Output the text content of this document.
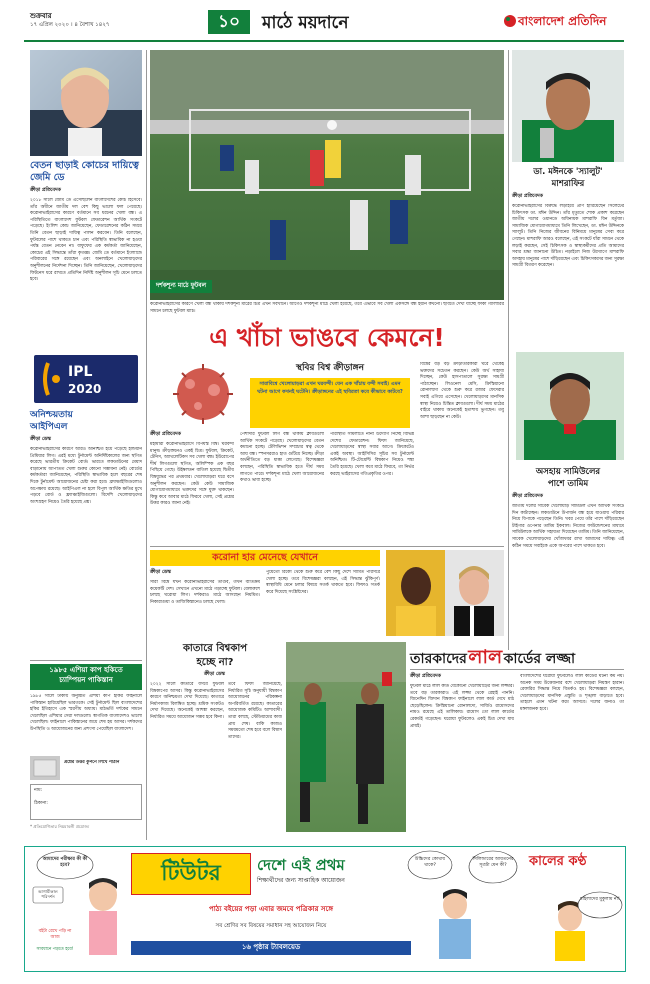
শুক্রবার
১৭ এপ্রিল ২০২০ । ৪ বৈশাখ ১৪২৭	১০ মাঠে ময়দানে	বাংলাদেশ প্রতিদিন
বেতন ছাড়াই কোচের দায়িত্বে জেমি ডে
ক্রীড়া প্রতিবেদক
২০১৮ সালে জেমি ডে এসেছিলেন বাংলাদেশের কোচ হিসেবে। তাঁর অধীনে জাতীয় দল বেশ কিছু ভালো ফল পেয়েছে। করোনাভাইরাসের কারণে বর্তমানে সব ধরনের খেলা বন্ধ। এ পরিস্থিতিতে বাংলাদেশ ফুটবল ফেডারেশন আর্থিক সংকটে পড়েছে। ইংলিশ কোচ জানিয়েছেন, ফেডারেশনের কঠিন সময়ে তিনি বেতন ছাড়াই দায়িত্ব পালন করবেন। তিনি বলেছেন, ফুটবলের পাশে থাকতে চান এবং পরিস্থিতি স্বাভাবিক না হওয়া পর্যন্ত বেতন নেবেন না। বাফুফের এক কর্মকর্তা জানিয়েছেন, কোচের এই সিদ্ধান্তে তাঁরা কৃতজ্ঞ। জেমি ডে বর্তমানে ইংল্যান্ডে পরিবারের সঙ্গে রয়েছেন এবং অনলাইনে খেলোয়াড়দের অনুশীলনের নির্দেশনা দিচ্ছেন। তিনি জানিয়েছেন, খেলোয়াড়দের ফিটনেস ধরে রাখতে প্রতিদিন নির্দিষ্ট অনুশীলন সূচি মেনে চলতে হবে।
দর্শকশূন্য মাঠে ফুটবল
করোনাভাইরাসের কারণে খেলা বন্ধ থাকায় দর্শকশূন্য মাঠের চিত্র এখন সবখানে। আগেও দর্শকশূন্য মাঠে খেলা হয়েছে, তবে এভাবে সব খেলা একসঙ্গে বন্ধ হয়নি কখনো। ছবিতে দেখা যাচ্ছে ফাঁকা গ্যালারির সামনে চলছে ফুটবল ম্যাচ।
ডা. মঈনকে 'স্যালুট'
মাশরাফির
ক্রীড়া প্রতিবেদক
করোনাভাইরাসের বিরুদ্ধে লড়াইয়ে প্রাণ হারিয়েছেন সিলেটের চিকিৎসক ডা. মঈন উদ্দিন। তাঁর মৃত্যুতে শোক প্রকাশ করেছেন জাতীয় দলের ওয়ানডে অধিনায়ক মাশরাফি বিন মর্তুজা। সামাজিক যোগাযোগমাধ্যমে তিনি লিখেছেন, ডা. মঈন উদ্দিনকে স্যালুট। তিনি নিজের জীবনের বিনিময়ে মানুষের সেবা করে গেছেন। মাশরাফি আরও বলেছেন, এই সংকটে যাঁরা সামনে থেকে লড়াই করছেন, সেই চিকিৎসক ও স্বাস্থ্যকর্মীদের প্রতি আমাদের সবার শ্রদ্ধা জানানো উচিত। নড়াইলে নিজ উদ্যোগে মাশরাফি অসহায় মানুষের পাশে দাঁড়িয়েছেন এবং চিকিৎসকদের জন্য সুরক্ষা সামগ্রী বিতরণ করেছেন।
এ খাঁচা ভাঙবে কেমনে!
স্থবির বিশ্ব ক্রীড়াঙ্গন
সারাবিশ্বে খেলোয়াড়রা এখন ঘরবন্দী। যেন এক খাঁচায় বন্দী সবাই। এমন ঘটনা আগে কখনই ঘটেনি। ক্রীড়াঙ্গনের এই স্থবিরতা কবে কীভাবে কাটবে?
ক্রীড়া প্রতিবেদক
মহামারী করোনাভাইরাসে বিপর্যস্ত বিশ্ব। ঘরবন্দী মানুষ। ক্রীড়াঙ্গনেও একই চিত্র। ফুটবল, ক্রিকেট, টেনিস, অ্যাথলেটিকস সব খেলা বন্ধ। ইউরোপের শীর্ষ লিগগুলো স্থগিত, অলিম্পিক এক বছর পিছিয়ে গেছে। উইম্বলডন বাতিল হয়েছে দ্বিতীয় বিশ্বযুদ্ধের পর প্রথমবার। খেলোয়াড়রা ঘরে বসে অনুশীলন করছেন। কেউ কেউ সামাজিক যোগাযোগমাধ্যমে ভক্তদের সঙ্গে যুক্ত থাকছেন। কিন্তু কবে আবার মাঠে ফিরবে খেলা, সেই প্রশ্নের উত্তর কারও জানা নেই।
পেশাদার ফুটবল লিগ বন্ধ থাকায় ক্লাবগুলো আর্থিক সংকটে পড়েছে। খেলোয়াড়দের বেতন কমানো হচ্ছে। টেলিভিশন সম্প্রচার স্বত্ব থেকে আয় বন্ধ। স্পনসররাও হাত গুটিয়ে নিচ্ছে। ক্রীড়া অর্থনীতিতে বড় ধাক্কা লেগেছে। বিশেষজ্ঞরা বলছেন, পরিস্থিতি স্বাভাবিক হতে দীর্ঘ সময় লাগতে পারে। দর্শকশূন্য মাঠে খেলা আয়োজনের কথাও ভাবা হচ্ছে।
পরিস্থিতি সামলাতে নানা উদ্যোগ নিচ্ছে বিভিন্ন দেশের ফেডারেশন। ফিফা জানিয়েছে, খেলোয়াড়দের স্বাস্থ্য সবার আগে। ক্রিকেটেও একই অবস্থা। আইসিসির সূচির সব টুর্নামেন্ট অনিশ্চিত। টি-টোয়েন্টি বিশ্বকাপ নিয়েও শঙ্কা তৈরি হয়েছে। খেলা কবে মাঠে ফিরবে, তা নির্ভর করছে ভাইরাসের গতিপ্রকৃতির ওপর।
বিশ্বের বড় বড় ক্রীড়াতারকারা ঘরে থেকেই ভক্তদের সচেতন করছেন। কেউ অর্থ সাহায্য দিচ্ছেন, কেউ হাসপাতালে সুরক্ষা সামগ্রী পাঠাচ্ছেন। লিওনেল মেসি, ক্রিস্তিয়ানো রোনালদো থেকে শুরু করে রজার ফেদেরার সবাই এগিয়ে এসেছেন। খেলোয়াড়দের মানসিক স্বাস্থ্য নিয়েও চিন্তিত ক্লাবগুলো। দীর্ঘ সময় মাঠের বাইরে থাকায় অনেকেই হতাশায় ভুগছেন। তবু আশা ছাড়ছেন না কেউ।
IPL
2020
অনিশ্চয়তায়
আইপিএল
ক্রীড়া ডেস্ক
করোনাভাইরাসের কারণে আরও অনিশ্চিত হয়ে পড়েছে ইন্ডিয়ান প্রিমিয়ার লিগ। এরই মধ্যে টুর্নামেন্ট অনির্দিষ্টকালের জন্য স্থগিত করেছে ভারতীয় ক্রিকেট বোর্ড। ভারতে লকডাউনের মেয়াদ বাড়ানোয় আপাতত খেলা শুরুর কোনো সম্ভাবনা নেই। বোর্ডের কর্মকর্তারা জানিয়েছেন, পরিস্থিতি স্বাভাবিক হলে বছরের শেষ দিকে টুর্নামেন্ট আয়োজনের চেষ্টা করা হবে। ফ্র্যাঞ্চাইজিগুলোও অপেক্ষায় রয়েছে। আইপিএল না হলে বিপুল আর্থিক ক্ষতির মুখে পড়বে বোর্ড ও ফ্র্যাঞ্চাইজিগুলো। বিদেশি খেলোয়াড়দের অংশগ্রহণ নিয়েও তৈরি হয়েছে প্রশ্ন।
অসহায় সামিউলের
পাশে তামিম
ক্রীড়া প্রতিবেদক
জাতীয় দলের সাবেক খেলোয়াড় সামিউল এখন আর্থিক সংকটে দিন কাটাচ্ছেন। লকডাউনে উপার্জন বন্ধ হয়ে যাওয়ায় পরিবার নিয়ে বিপাকে পড়েছেন তিনি। খবর পেয়ে তাঁর পাশে দাঁড়িয়েছেন টাইগার ওপেনার তামিম ইকবাল। নিজের ফাউন্ডেশনের মাধ্যমে সামিউলকে আর্থিক সহায়তা দিয়েছেন তামিম। তিনি জানিয়েছেন, সাবেক খেলোয়াড়দের খোঁজখবর রাখা আমাদের দায়িত্ব। এই কঠিন সময়ে সবাইকে একে অপরের পাশে থাকতে হবে।
করোনা হার মেনেছে যেখানে
ক্রীড়া ডেস্ক
সারা বিশ্বে যখন করোনাভাইরাসের তাণ্ডব, তখন ব্যতিক্রম কয়েকটি দেশ। সেখানে এখনো মাঠে গড়াচ্ছে ফুটবল। বেলারুশে চলছে ঘরোয়া লিগ। দর্শকরাও মাঠে আসছেন নিয়মিত। নিকারাগুয়া ও তাজিকিস্তানেও চলছে খেলা।
পুয়ের্তো রিকো থেকে শুরু করে বেশ কিছু দেশে সীমিত পরিসরে খেলা হচ্ছে। তবে বিশেষজ্ঞরা বলছেন, এই সিদ্ধান্ত ঝুঁকিপূর্ণ। স্বাস্থ্যবিধি মেনে চলার বিষয়ে সতর্ক থাকতে হবে। ফিফাও সতর্ক করে দিয়েছে সংশ্লিষ্টদের।
১৯৮৫ এশিয়া কাপ হকিতে
চ্যাম্পিয়ন পাকিস্তান
১৯৮৫ সালে ঢাকায় অনুষ্ঠিত এশিয়া কাপ হকির ফাইনালে পাকিস্তান হারিয়েছিল ভারতকে। সেই টুর্নামেন্ট ছিল বাংলাদেশের হকির ইতিহাসে এক স্মরণীয় অধ্যায়। মাঠভর্তি দর্শকের সামনে খেলেছিল এশিয়ার সেরা দলগুলো। স্বাগতিক বাংলাদেশও ভালো খেলেছিল। ফাইনালে পাকিস্তানের জয়ে শেষ হয় আসর। দর্শকদের উপস্থিতি ও আয়োজনের জন্য প্রশংসা পেয়েছিল বাংলাদেশ।
প্রশ্নের উত্তর কুপনে লিখে পাঠান
নাম:
ঠিকানা:
* প্রতিযোগিতার নিয়মাবলী প্রযোজ্য
কাতারে বিশ্বকাপ
হচ্ছে না?
ক্রীড়া ডেস্ক
২০২২ সালে কাতারে বসবে ফুটবল বিশ্বকাপের আসর। কিন্তু করোনাভাইরাসের কারণে অনিশ্চয়তা দেখা দিয়েছে। কাতারে নির্মাণকাজ বিলম্বিত হচ্ছে। শ্রমিক সংকটও দেখা দিয়েছে। অনেকেই আশঙ্কা করছেন, নির্ধারিত সময়ে আয়োজন সম্ভব হবে কিনা।
তবে ফিফা জানিয়েছে, নির্ধারিত সূচি অনুযায়ী বিশ্বকাপ আয়োজনের পরিকল্পনা অপরিবর্তিত রয়েছে। কাতারের আয়োজক কমিটিও আশাবাদী। তারা বলছে, স্টেডিয়ামের কাজ প্রায় শেষ। বাকি কাজও সময়মতো শেষ হবে বলে বিশ্বাস তাদের।
তারকাদের লাল কার্ডের লজ্জা
ক্রীড়া প্রতিবেদক
ফুটবল মাঠে লাল কার্ড যেকোনো খেলোয়াড়ের জন্য লজ্জার। তবে বড় তারকারাও এই লজ্জা থেকে রেহাই পাননি। জিনেদিন জিদান বিশ্বকাপ ফাইনালে লাল কার্ড দেখে মাঠ ছেড়েছিলেন। ক্রিস্তিয়ানো রোনালদো, সার্জিও রামোসদের নামও রয়েছে এই তালিকায়। রামোস তো লাল কার্ডের রেকর্ডই গড়েছেন। ঘরোয়া ফুটবলেও একই চিত্র দেখা যায় প্রায়ই।
বাংলাদেশের ঘরোয়া ফুটবলেও লাল কার্ডের ঘটনা কম নয়। অনেক সময় উত্তেজনার বশে খেলোয়াড়রা নিয়ন্ত্রণ হারান। রেফারির সিদ্ধান্ত নিয়ে বিতর্কও হয়। বিশেষজ্ঞরা বলছেন, খেলোয়াড়দের মানসিক প্রস্তুতি ও শৃঙ্খলা বাড়াতে হবে। তাহলে এমন ঘটনা কমে আসবে। দলের জন্যও তা মঙ্গলজনক হবে।
আমাদের পরীক্ষার কী কী হবে?
উচ্চিদের কোথায় থাকে?
সিলিন্ডারের আয়তনের সূত্রটা যেন কী?
মহিলাদের মুকুলাম না!
আগামীকাল পরিদর্শন
বইটা রেখে পড়ি না আজ
সাবধানে পড়তে হবে!
টিউটর দেশে এই প্রথম
শিক্ষার্থীদের জন্য সাপ্তাহিক আয়োজন
পাঠ্য বইয়ের পড়া এবার জমবে পত্রিকার সঙ্গে
সব শ্রেণির সব বিষয়ের সমাধান সহ আয়োজন নিয়ে
১৬ পৃষ্ঠার ট্যাবলয়েড
কালের কণ্ঠ
